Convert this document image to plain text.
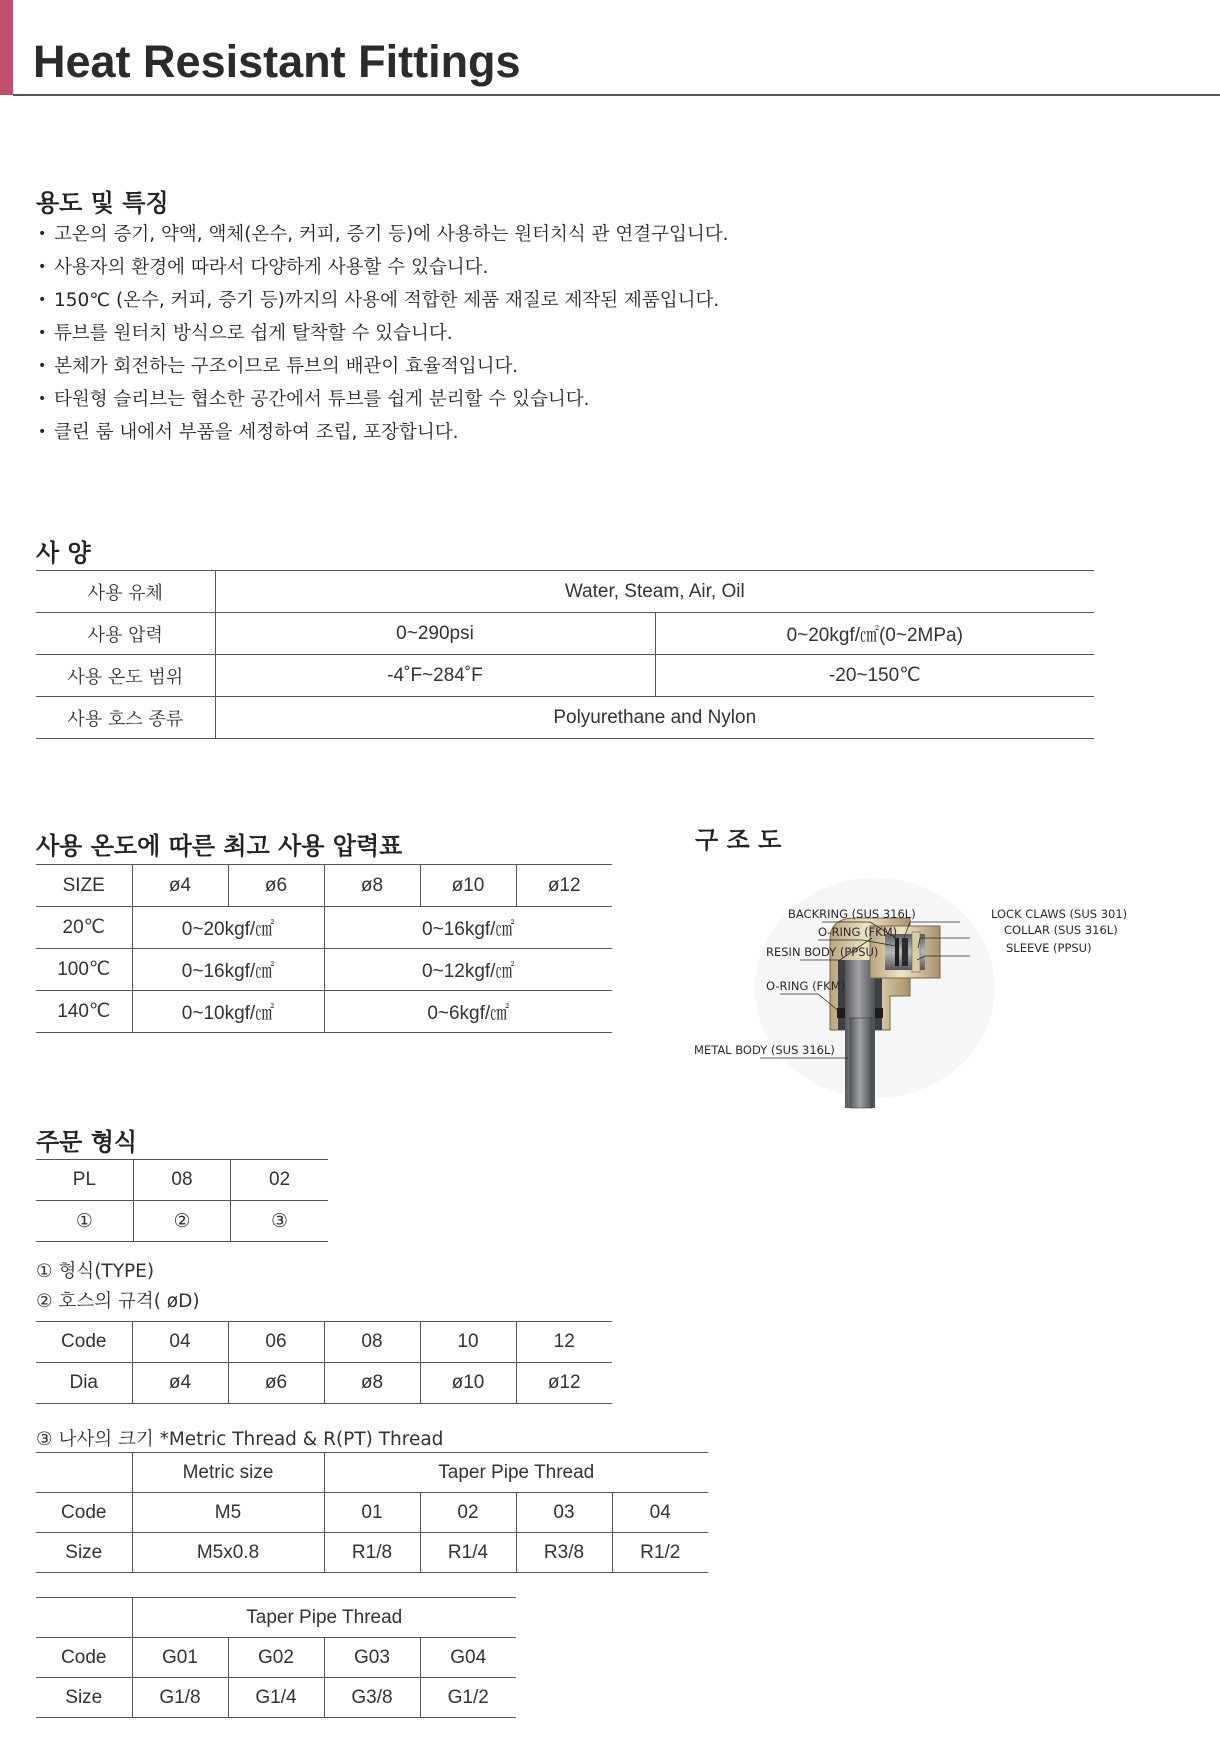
Heat Resistant Fittings
용도 및 특징
• 고온의 증기, 약액, 액체(온수, 커피, 증기 등)에 사용하는 원터치식 관 연결구입니다.
• 사용자의 환경에 따라서 다양하게 사용할 수 있습니다.
• 150℃ (온수, 커피, 증기 등)까지의 사용에 적합한 제품 재질로 제작된 제품입니다.
• 튜브를 원터치 방식으로 쉽게 탈착할 수 있습니다.
• 본체가 회전하는 구조이므로 튜브의 배관이 효율적입니다.
• 타원형 슬리브는 협소한 공간에서 튜브를 쉽게 분리할 수 있습니다.
• 클린 룸 내에서 부품을 세정하여 조립, 포장합니다.
사 양
사용 유체	Water, Steam, Air, Oil	
사용 압력	0~290psi	0~20kgf/㎠(0~2MPa)
사용 온도 범위	-4˚F~284˚F	-20~150℃
사용 호스 종류	Polyurethane and Nylon	
사용 온도에 따른 최고 사용 압력표
SIZE	ø4	ø6	ø8	ø10	ø12
20℃	0~20kgf/㎠		0~16kgf/㎠		
100℃	0~16kgf/㎠		0~12kgf/㎠		
140℃	0~10kgf/㎠		0~6kgf/㎠		
구 조 도
BACKRING (SUS 316L)
O-RING (FKM)
RESIN BODY (PPSU)
O-RING (FKM)
METAL BODY (SUS 316L)
LOCK CLAWS (SUS 301)
COLLAR (SUS 316L)
SLEEVE (PPSU)
주문 형식
PL	08	02
①	②	③
① 형식(TYPE)
② 호스의 규격( øD)
Code	04	06	08	10	12
Dia	ø4	ø6	ø8	ø10	ø12
③ 나사의 크기 *Metric Thread & R(PT) Thread
	Metric size	Taper Pipe Thread			
Code	M5	01	02	03	04
Size	M5x0.8	R1/8	R1/4	R3/8	R1/2
	Taper Pipe Thread			
Code	G01	G02	G03	G04
Size	G1/8	G1/4	G3/8	G1/2
